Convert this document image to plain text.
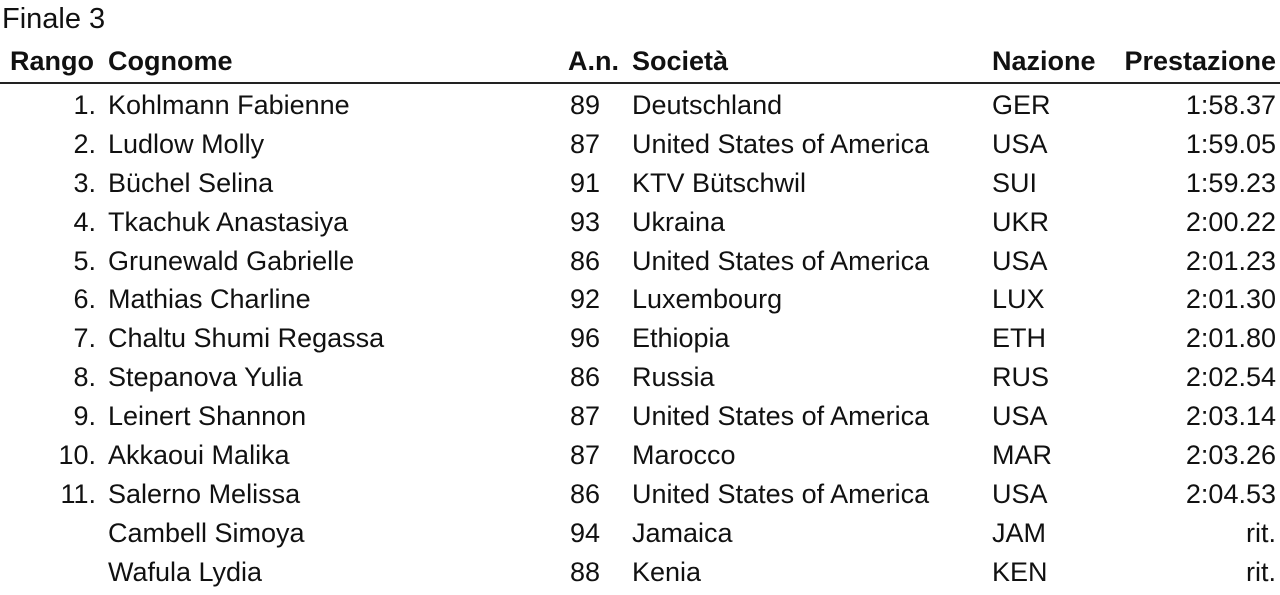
Finale 3
Rango Cognome	A.n. Società	Nazione Prestazione
1. Kohlmann Fabienne	89 Deutschland	GER	1:58.37
2. Ludlow Molly	87 United States of America USA	1:59.05
3. Büchel Selina	91 KTV Bütschwil	SUI	1:59.23
4. Tkachuk Anastasiya	93 Ukraina	UKR	2:00.22
5. Grunewald Gabrielle	86 United States of America USA	2:01.23
6. Mathias Charline	92 Luxembourg	LUX	2:01.30
7. Chaltu Shumi Regassa	96 Ethiopia	ETH	2:01.80
8. Stepanova Yulia	86 Russia	RUS	2:02.54
9. Leinert Shannon	87 United States of America USA	2:03.14
10. Akkaoui Malika	87 Marocco	MAR	2:03.26
11. Salerno Melissa	86 United States of America USA	2:04.53
Cambell Simoya	94 Jamaica	JAM	rit.
Wafula Lydia	88 Kenia	KEN	rit.
